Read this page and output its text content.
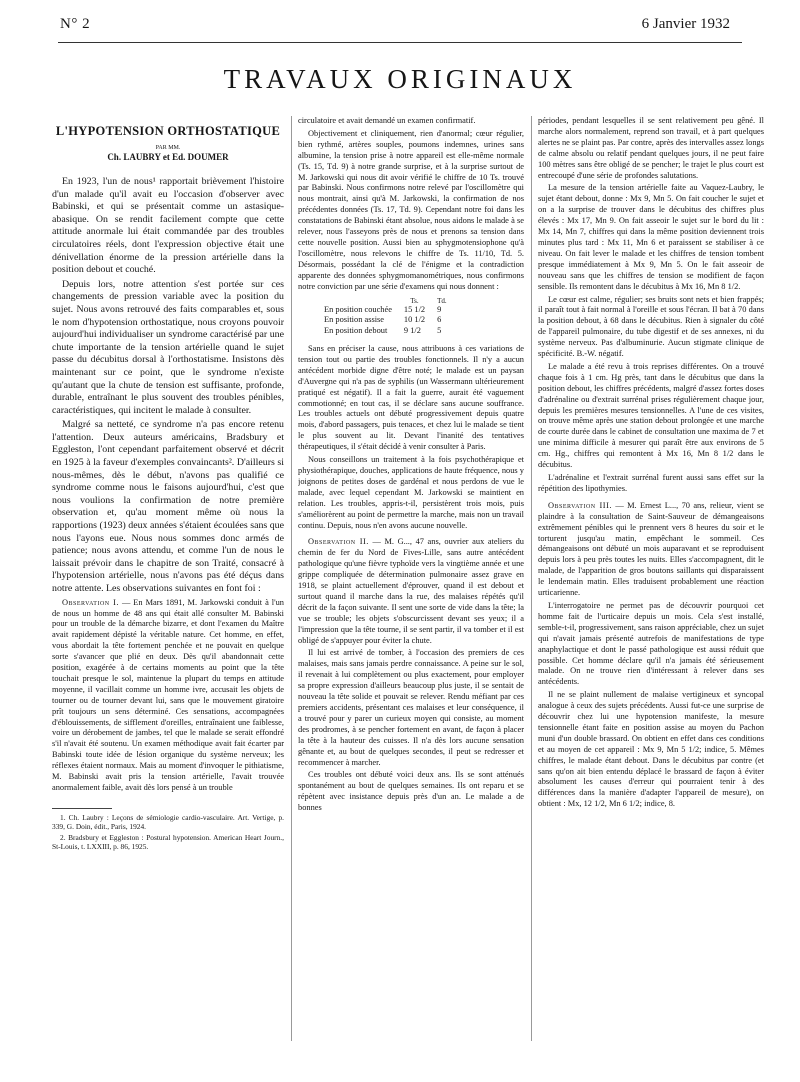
N° 2	6 Janvier 1932
TRAVAUX ORIGINAUX
L'HYPOTENSION ORTHOSTATIQUE
PAR MM.
Ch. LAUBRY et Ed. DOUMER

En 1923, l'un de nous¹ rapportait brièvement l'histoire d'un malade qu'il avait eu l'occasion d'observer avec Babinski, et qui se présentait comme un astasique-abasique. On se rendit facilement compte que cette attitude anormale lui était commandée par des troubles circulatoires réels, dont l'expression objective était une dénivellation énorme de la pression artérielle dans la position debout et couché.

Depuis lors, notre attention s'est portée sur ces changements de pression variable avec la position du sujet. Nous avons retrouvé des faits comparables et, sous le nom d'hypotension orthostatique, nous croyons pouvoir aujourd'hui individualiser un syndrome caractérisé par une chute importante de la tension artérielle quand le sujet passe du décubitus dorsal à l'orthostatisme. Insistons dès maintenant sur ce point, que le syndrome n'existe qu'autant que la chute de tension est suffisante, profonde, durable, entraînant le plus souvent des troubles pénibles, caractéristiques, qui incitent le malade à consulter.

Malgré sa netteté, ce syndrome n'a pas encore retenu l'attention. Deux auteurs américains, Bradsbury et Eggleston, l'ont cependant parfaitement observé et décrit en 1925 à la faveur d'exemples convaincants². D'ailleurs si nous-mêmes, dès le début, n'avons pas qualifié ce syndrome comme nous le faisons aujourd'hui, c'est que nous voulions la confirmation de notre première observation et, qu'au moment même où nous la rapportions (1923) deux années s'étaient écoulées sans que nous l'ayons eue. Nous nous sommes donc armés de patience; nous avons attendu, et comme l'un de nous le laissait prévoir dans le chapitre de son Traité, consacré à l'hypotension artérielle, nous n'avons pas été déçus dans notre attente. Les observations suivantes en font foi :

Observation I. — En Mars 1891, M. Jarkowski conduit à l'un de nous un homme de 48 ans qui était allé consulter M. Babinski pour un trouble de la démarche bizarre, et dont l'examen du Maître avait rapidement dépisté la véritable nature. Cet homme, en effet, vous abordait la tête fortement penchée et ne pouvait en quelque sorte s'avancer que plié en deux. Dès qu'il abandonnait cette position, exagérée à de certains moments au point que la tête touchait presque le sol, maintenue la plupart du temps en attitude moyenne, il vacillait comme un homme ivre, accusait les objets de tourner ou de tourner devant lui, sans que le mouvement giratoire prît toujours un sens déterminé. Ces sensations, accompagnées d'éblouissements, de sifflement d'oreilles, entraînaient une faiblesse, voire un dérobement de jambes, tel que le malade se serait effondré s'il n'avait été soutenu. Un examen méthodique avait fait écarter par Babinski toute idée de lésion organique du système nerveux; les réflexes étaient normaux. Mais au moment d'invoquer le pithiatisme, M. Babinski avait pris la tension artérielle, l'avait trouvée anormalement faible, avait dès lors pensé à un trouble

1. Ch. Laubry : Leçons de sémiologie cardio-vasculaire. Art. Vertige, p. 339, G. Doin, édit., Paris, 1924.

2. Bradsbury et Eggleston : Postural hypotension. American Heart Journ., St-Louis, t. LXXIII, p. 86, 1925.

circulatoire et avait demandé un examen confirmatif.

Objectivement et cliniquement, rien d'anormal; cœur régulier, bien rythmé, artères souples, poumons indemnes, urines sans albumine, la tension prise à notre appareil est elle-même normale (Ts. 15, Td. 9) à notre grande surprise, et à la surprise surtout de M. Jarkowski qui nous dit avoir vérifié le chiffre de 10 Ts. trouvé par Babinski. Nous confirmons notre relevé par l'oscillomètre qui nous montrait, ainsi qu'à M. Jarkowski, la confirmation de nos précédentes données (Ts. 17, Td. 9). Cependant notre foi dans les constatations de Babinski étant absolue, nous aidons le malade à se relever, nous l'asseyons près de nous et prenons sa tension dans cette nouvelle position. Aussi bien au sphygmotensiophone qu'à l'oscillomètre, nous relevons le chiffre de Ts. 11/10, Td. 5. Désormais, possédant la clé de l'énigme et la contradiction apparente des données sphygmomanométriques, nous confirmons notre conviction par une série d'examens qui nous donnent :

	Ts.	Td.
En position couchée	15 1/2	9
En position assise	10 1/2	6
En position debout	9 1/2	5

Sans en préciser la cause, nous attribuons à ces variations de tension tout ou partie des troubles fonctionnels. Il n'y a aucun antécédent morbide digne d'être noté; le malade est un paysan d'Auvergne qui n'a pas de syphilis (un Wassermann ultérieurement pratiqué est négatif). Il a fait la guerre, aurait été vaguement commotionné; en tout cas, il se déclare sans aucune souffrance. Les troubles actuels ont débuté progressivement depuis quatre mois, d'abord passagers, puis tenaces, et chez lui le malade se tient le plus souvent au lit. Devant l'inanité des tentatives thérapeutiques, il s'était décidé à venir consulter à Paris.

Nous conseillons un traitement à la fois psychothérapique et physiothérapique, douches, applications de haute fréquence, nous y joignons de petites doses de gardénal et nous perdons de vue le malade, avec lequel cependant M. Jarkowski se maintient en relation. Les troubles, appris-t-il, persistèrent trois mois, puis s'améliorèrent au point de permettre la marche, mais non un travail continu. Depuis, nous n'en avons aucune nouvelle.

Observation II. — M. G..., 47 ans, ouvrier aux ateliers du chemin de fer du Nord de Fives-Lille, sans autre antécédent pathologique qu'une fièvre typhoïde vers la vingtième année et une grippe compliquée de détermination pulmonaire assez grave en 1918, se plaint actuellement d'éprouver, quand il est debout et surtout quand il marche dans la rue, des malaises répétés qu'il décrit de la façon suivante. Il sent une sorte de vide dans la tête; la vue se trouble; les objets s'obscurcissent devant ses yeux; il a l'impression que la tête tourne, il se sent partir, il va tomber et il est obligé de s'appuyer pour éviter la chute.

Il lui est arrivé de tomber, à l'occasion des premiers de ces malaises, mais sans jamais perdre connaissance. A peine sur le sol, il revenait à lui complètement ou plus exactement, pour employer sa propre expression d'ailleurs beaucoup plus juste, il se sentait de nouveau la tête solide et pouvait se relever. Rendu méfiant par ces premiers accidents, présentant ces malaises et leur conséquence, il a trouvé pour y parer un curieux moyen qui consiste, au moment des prodromes, à se pencher fortement en avant, de façon à placer la tête à la hauteur des cuisses. Il n'a dès lors aucune sensation gênante et, au bout de quelques secondes, il peut se redresser et recommencer à marcher.

Ces troubles ont débuté voici deux ans. Ils se sont atténués spontanément au bout de quelques semaines. Ils ont reparu et se répètent avec insistance depuis près d'un an. Le malade a de bonnes

périodes, pendant lesquelles il se sent relativement peu gêné. Il marche alors normalement, reprend son travail, et à part quelques alertes ne se plaint pas. Par contre, après des intervalles assez longs de calme absolu ou relatif pendant quelques jours, il ne peut faire 100 mètres sans être obligé de se pencher; le trajet le plus court est entrecoupé d'une série de profondes salutations.

La mesure de la tension artérielle faite au Vaquez-Laubry, le sujet étant debout, donne : Mx 9, Mn 5. On fait coucher le sujet et on a la surprise de trouver dans le décubitus des chiffres plus élevés : Mx 17, Mn 9. On fait asseoir le sujet sur le bord du lit : Mx 14, Mn 7, chiffres qui dans la même position deviennent trois minutes plus tard : Mx 11, Mn 6 et paraissent se stabiliser à ce niveau. On fait lever le malade et les chiffres de tension tombent presque immédiatement à Mx 9, Mn 5. On le fait asseoir de nouveau sans que les chiffres de tension se modifient de façon sensible. Ils remontent dans le décubitus à Mx 16, Mn 8 1/2.

Le cœur est calme, régulier; ses bruits sont nets et bien frappés; il paraît tout à fait normal à l'oreille et sous l'écran. Il bat à 70 dans la position debout, à 68 dans le décubitus. Rien à signaler du côté de l'appareil pulmonaire, du tube digestif et de ses annexes, ni du système nerveux. Pas d'albuminurie. Aucun stigmate clinique de spécificité. B.-W. négatif.

Le malade a été revu à trois reprises différentes. On a trouvé chaque fois à 1 cm. Hg près, tant dans le décubitus que dans la position debout, les chiffres précédents, malgré d'assez fortes doses d'adrénaline ou d'extrait surrénal prises régulièrement chaque jour, depuis les premières mesures tensionnelles. A l'une de ces visites, on trouve même après une station debout prolongée et une marche de courte durée dans le cabinet de consultation une maxima de 7 et une minima difficile à mesurer qui paraît être aux environs de 5 cm. Hg., chiffres qui remontent à Mx 16, Mn 8 1/2 dans le décubitus.

L'adrénaline et l'extrait surrénal furent aussi sans effet sur la répétition des lipothymies.

Observation III. — M. Ernest L..., 70 ans, relieur, vient se plaindre à la consultation de Saint-Sauveur de démangeaisons extrêmement pénibles qui le prennent vers 8 heures du soir et le torturent jusqu'au matin, empêchant le sommeil. Ces démangeaisons ont débuté un mois auparavant et se reproduisent depuis lors à peu près toutes les nuits. Elles s'accompagnent, dit le malade, de l'apparition de gros boutons saillants qui disparaissent le lendemain matin. Elles traduisent probablement une réaction urticarienne.

L'interrogatoire ne permet pas de découvrir pourquoi cet homme fait de l'urticaire depuis un mois. Cela s'est installé, semble-t-il, progressivement, sans raison appréciable, chez un sujet qui n'avait jamais présenté autrefois de manifestations de type anaphylactique et dont le passé pathologique est aussi réduit que possible. Cet homme déclare qu'il n'a jamais été sérieusement malade. On ne trouve rien d'intéressant à relever dans ses antécédents.

Il ne se plaint nullement de malaise vertigineux et syncopal analogue à ceux des sujets précédents. Aussi fut-ce une surprise de découvrir chez lui une hypotension manifeste, la mesure tensionnelle étant faite en position assise au moyen du Pachon muni d'un double brassard. On obtient en effet dans ces conditions et au moyen de cet appareil : Mx 9, Mn 5 1/2; indice, 5. Mêmes chiffres, le malade étant debout. Dans le décubitus par contre (et sans qu'on ait bien entendu déplacé le brassard de façon à éviter absolument les causes d'erreur qui pourraient tenir à des différences dans la manière d'adapter l'appareil de mesure), on obtient : Mx, 12 1/2, Mn 6 1/2; indice, 8.
